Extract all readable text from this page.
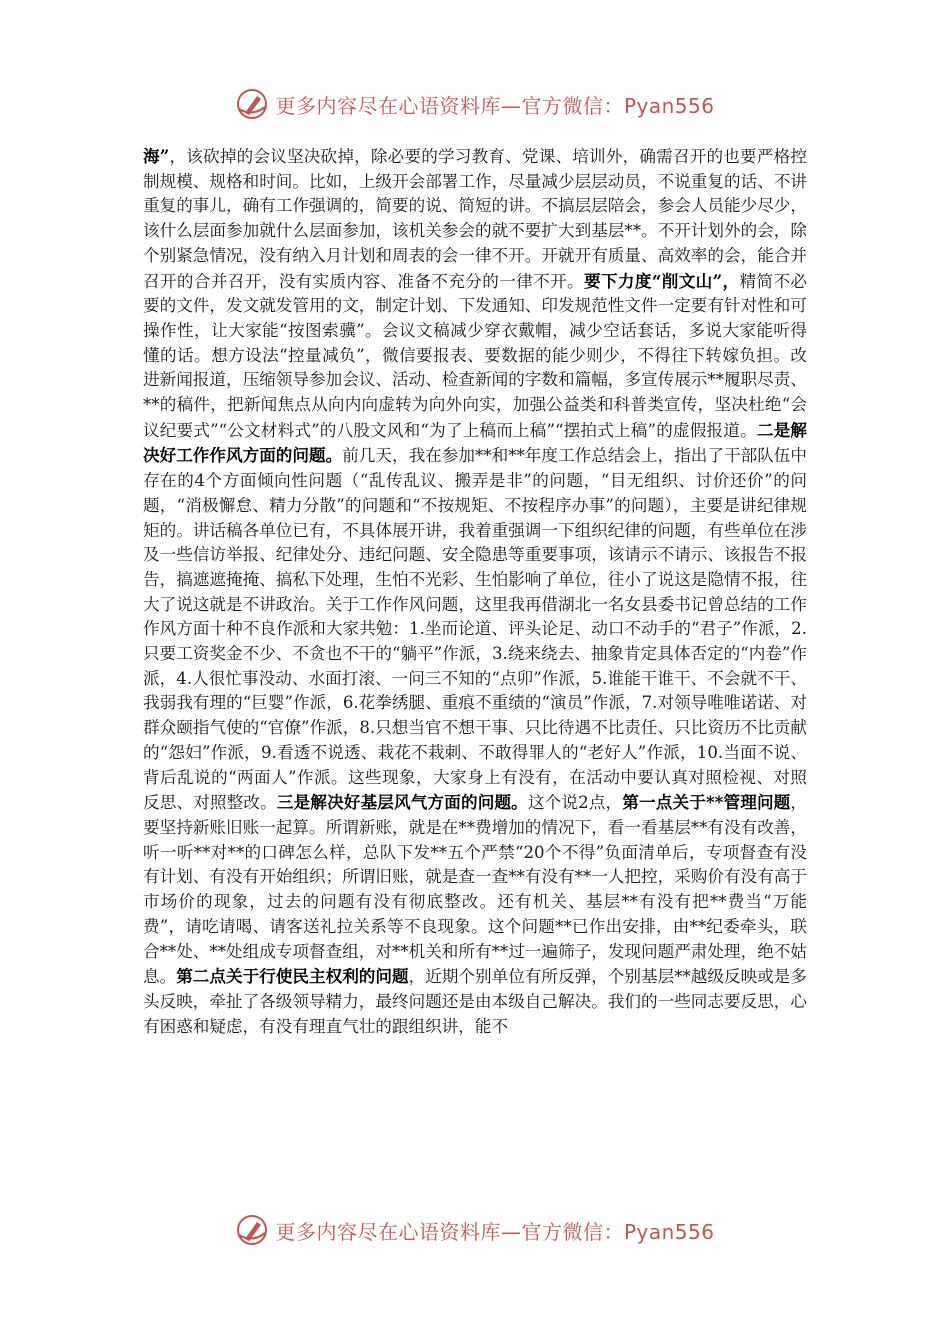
更多内容尽在心语资料库—官方微信：Pyan556
海”，该砍掉的会议坚决砍掉，除必要的学习教育、党课、培训外，确需召开的也要严格控制规模、规格和时间。比如，上级开会部署工作，尽量减少层层动员，不说重复的话、不讲重复的事儿，确有工作强调的，简要的说、简短的讲。不搞层层陪会，参会人员能少尽少，该什么层面参加就什么层面参加，该机关参会的就不要扩大到基层**。不开计划外的会，除个别紧急情况，没有纳入月计划和周表的会一律不开。开就开有质量、高效率的会，能合并召开的合并召开，没有实质内容、准备不充分的一律不开。要下力度“削文山”，精简不必要的文件，发文就发管用的文，制定计划、下发通知、印发规范性文件一定要有针对性和可操作性，让大家能“按图索骥”。会议文稿减少穿衣戴帽，减少空话套话，多说大家能听得懂的话。想方设法“控量减负”，微信要报表、要数据的能少则少，不得往下转嫁负担。改进新闻报道，压缩领导参加会议、活动、检查新闻的字数和篇幅，多宣传展示**履职尽责、**的稿件，把新闻焦点从向内向虚转为向外向实，加强公益类和科普类宣传，坚决杜绝“会议纪要式”“公文材料式”的八股文风和“为了上稿而上稿”“摆拍式上稿”的虚假报道。二是解决好工作作风方面的问题。前几天，我在参加**和**年度工作总结会上，指出了干部队伍中存在的4个方面倾向性问题（“乱传乱议、搬弄是非”的问题，“目无组织、讨价还价”的问题，“消极懈怠、精力分散”的问题和“不按规矩、不按程序办事”的问题），主要是讲纪律规矩的。讲话稿各单位已有，不具体展开讲，我着重强调一下组织纪律的问题，有些单位在涉及一些信访举报、纪律处分、违纪问题、安全隐患等重要事项，该请示不请示、该报告不报告，搞遮遮掩掩、搞私下处理，生怕不光彩、生怕影响了单位，往小了说这是隐情不报，往大了说这就是不讲政治。关于工作作风问题，这里我再借湖北一名女县委书记曾总结的工作作风方面十种不良作派和大家共勉：1.坐而论道、评头论足、动口不动手的“君子”作派，2.只要工资奖金不少、不贪也不干的“躺平”作派，3.绕来绕去、抽象肯定具体否定的“内卷”作派，4.人很忙事没动、水面打滚、一问三不知的“点卯”作派，5.谁能干谁干、不会就不干、我弱我有理的“巨婴”作派，6.花拳绣腿、重痕不重绩的“演员”作派，7.对领导唯唯诺诺、对群众颐指气使的“官僚”作派，8.只想当官不想干事、只比待遇不比责任、只比资历不比贡献的“怨妇”作派，9.看透不说透、栽花不栽刺、不敢得罪人的“老好人”作派，10.当面不说、背后乱说的“两面人”作派。这些现象，大家身上有没有，在活动中要认真对照检视、对照反思、对照整改。三是解决好基层风气方面的问题。这个说2点，第一点关于**管理问题，要坚持新账旧账一起算。所谓新账，就是在**费增加的情况下，看一看基层**有没有改善，听一听**对**的口碑怎么样，总队下发**五个严禁“20个不得”负面清单后，专项督查有没有计划、有没有开始组织；所谓旧账，就是查一查**有没有**一人把控，采购价有没有高于市场价的现象，过去的问题有没有彻底整改。还有机关、基层**有没有把**费当“万能费”，请吃请喝、请客送礼拉关系等不良现象。这个问题**已作出安排，由**纪委牵头，联合**处、**处组成专项督查组，对**机关和所有**过一遍筛子，发现问题严肃处理，绝不姑息。第二点关于行使民主权利的问题，近期个别单位有所反弹，个别基层**越级反映或是多头反映，牵扯了各级领导精力，最终问题还是由本级自己解决。我们的一些同志要反思，心有困惑和疑虑，有没有理直气壮的跟组织讲，能不
更多内容尽在心语资料库—官方微信：Pyan556
